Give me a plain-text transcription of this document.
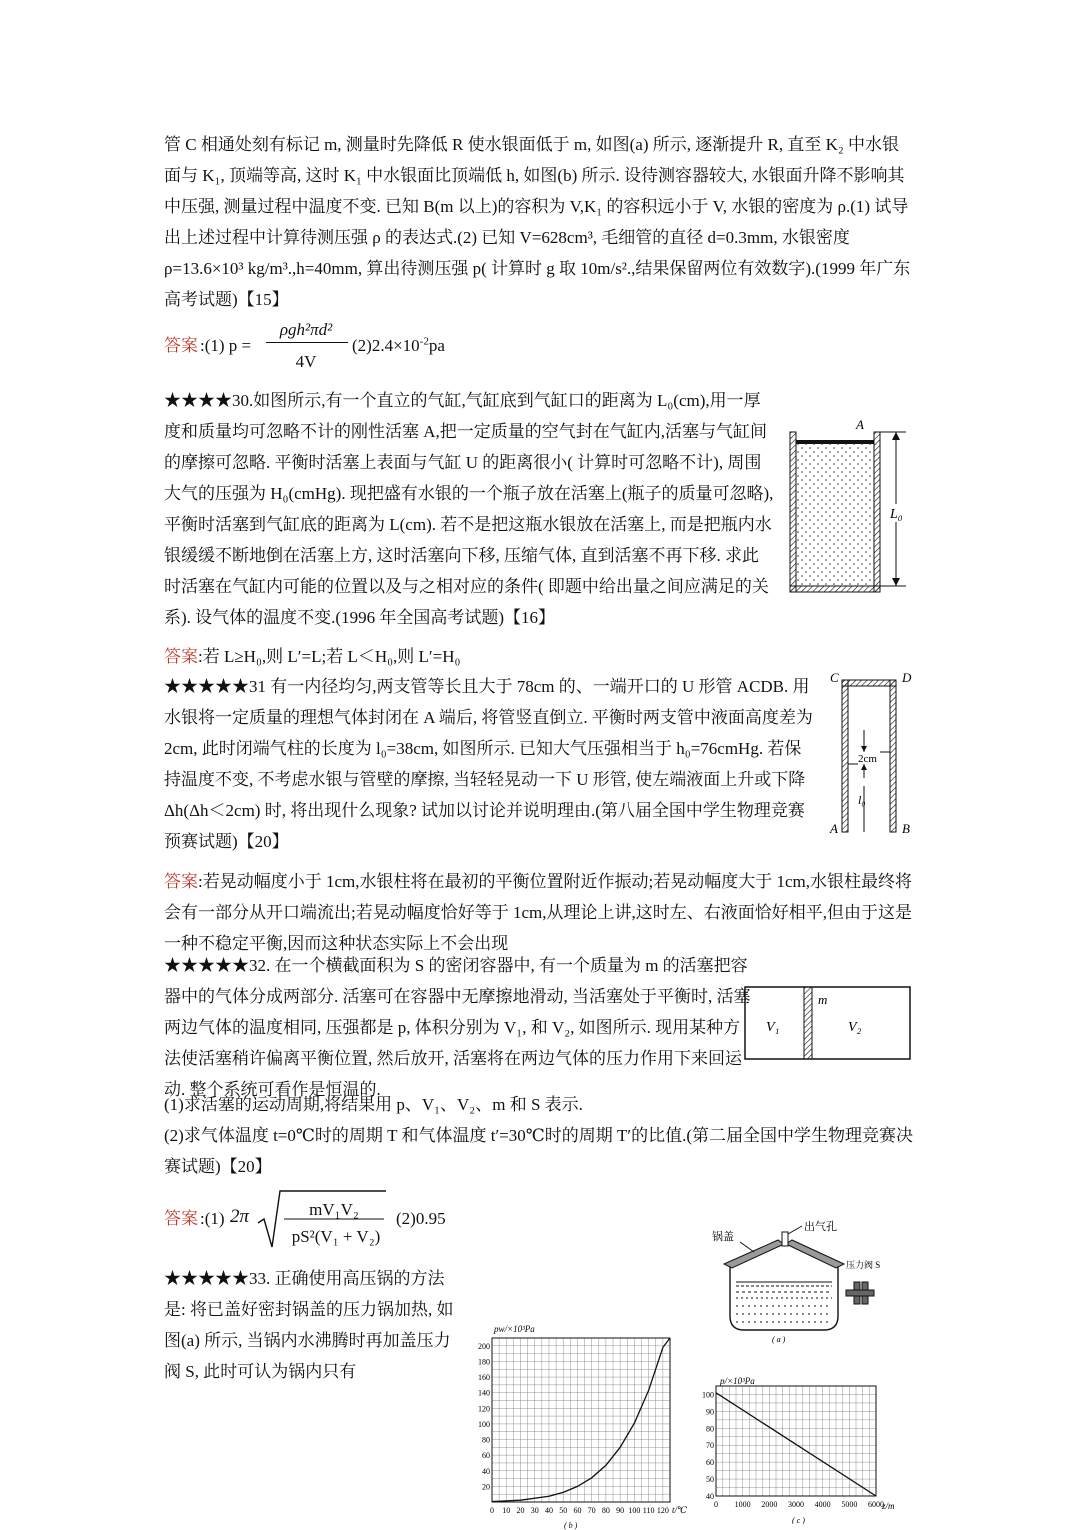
管 C 相通处刻有标记 m, 测量时先降低 R 使水银面低于 m, 如图(a) 所示, 逐渐提升 R, 直至 K₂ 中水银面与 K₁, 顶端等高, 这时 K₁ 中水银面比顶端低 h, 如图(b) 所示. 设待测容器较大, 水银面升降不影响其中压强, 测量过程中温度不变. 已知 B(m 以上)的容积为 V,K₁ 的容积远小于 V, 水银的密度为 ρ.(1) 试导出上述过程中计算待测压强 ρ 的表达式.(2) 已知 V=628cm³, 毛细管的直径 d=0.3mm, 水银密度 ρ=13.6×10³ kg/m³.,h=40mm, 算出待测压强 p( 计算时 g 取 10m/s².,结果保留两位有效数字).(1999 年广东高考试题)【15】

答案 :(1) p =
ρgh²πd²
4V
$(2)2.4\times 10^{-2}pa$

★★★★30.如图所示,有一个直立的气缸,气缸底到气缸口的距离为 L₀(cm),用一厚度和质量均可忽略不计的刚性活塞 A,把一定质量的空气封在气缸内,活塞与气缸间的摩擦可忽略. 平衡时活塞上表面与气缸 U 的距离很小( 计算时可忽略不计), 周围大气的压强为 H₀(cmHg). 现把盛有水银的一个瓶子放在活塞上(瓶子的质量可忽略),平衡时活塞到气缸底的距离为 L(cm). 若不是把这瓶水银放在活塞上, 而是把瓶内水银缓缓不断地倒在活塞上方, 这时活塞向下移, 压缩气体, 直到活塞不再下移. 求此时活塞在气缸内可能的位置以及与之相对应的条件( 即题中给出量之间应满足的关系). 设气体的温度不变.(1996 年全国高考试题)【16】

答案:若 L≥H₀,则 L′=L;若 L＜H₀,则 L′=H₀
A
L₀

★★★★★31 有一内径均匀,两支管等长且大于 78cm 的、一端开口的 U 形管 ACDB. 用水银将一定质量的理想气体封闭在 A 端后, 将管竖直倒立. 平衡时两支管中液面高度差为 2cm, 此时闭端气柱的长度为 l₀=38cm, 如图所示. 已知大气压强相当于 h₀=76cmHg. 若保持温度不变, 不考虑水银与管壁的摩擦, 当轻轻晃动一下 U 形管, 使左端液面上升或下降 Δh(Δh＜2cm) 时, 将出现什么现象? 试加以讨论并说明理由.(第八届全国中学生物理竞赛预赛试题)【20】

C	D
A	B
2cm
l₀
答案:若晃动幅度小于 1cm,水银柱将在最初的平衡位置附近作振动;若晃动幅度大于 1cm,水银柱最终将会有一部分从开口端流出;若晃动幅度恰好等于 1cm,从理论上讲,这时左、右液面恰好相平,但由于这是一种不稳定平衡,因而这种状态实际上不会出现

★★★★★32. 在一个横截面积为 S 的密闭容器中, 有一个质量为 m 的活塞把容器中的气体分成两部分. 活塞可在容器中无摩擦地滑动, 当活塞处于平衡时, 活塞两边气体的温度相同, 压强都是 p, 体积分别为 V₁, 和 V₂, 如图所示. 现用某种方法使活塞稍许偏离平衡位置, 然后放开, 活塞将在两边气体的压力作用下来回运动. 整个系统可看作是恒温的.

(1)求活塞的运动周期,将结果用 p、V₁、V₂、m 和 S 表示.

(2)求气体温度 t=0℃时的周期 T 和气体温度 t′=30℃时的周期 T′的比值.(第二届全国中学生物理竞赛决赛试题)【20】

V₁	V₂
m
答案 :(1) 2π	mV₁V₂
pS²(V₁ + V₂)
(2)0.95

★★★★★33. 正确使用高压锅的方法是: 将已盖好密封锅盖的压力锅加热, 如图(a) 所示, 当锅内水沸腾时再加盖压力阀 S, 此时可认为锅内只有

锅盖
出气孔
压力阀 S
( a )
pw/×10³Pa
t/℃
( b )
0 10 20 30 40 50 60 70 80 90 100 110 120
20
40
60
80
100
120
140
160
180
200
p/×10³Pa
z/m
( c )
0 1000 2000 3000 4000 5000 6000
40
50
60
70
80
90
100
